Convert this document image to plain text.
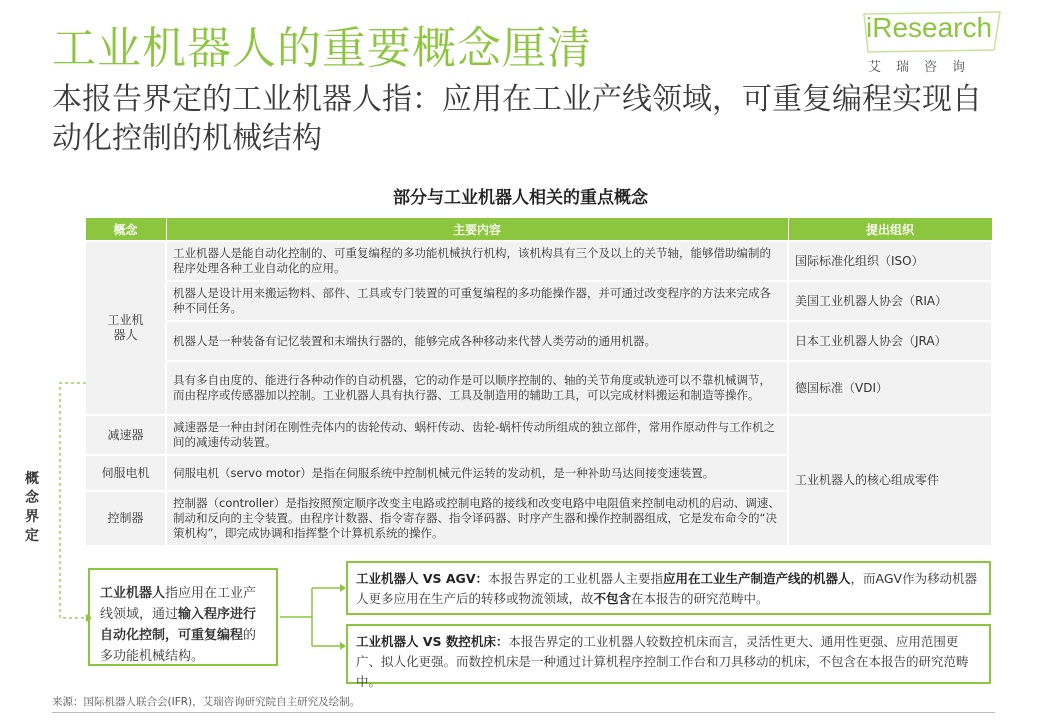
工业机器人的重要概念厘清
本报告界定的工业机器人指：应用在工业产线领域，可重复编程实现自动化控制的机械结构
iResearch
艾瑞咨询
部分与工业机器人相关的重点概念
概念	主要内容	提出组织
工业机器人	工业机器人是能自动化控制的、可重复编程的多功能机械执行机构，该机构具有三个及以上的关节轴，能够借助编制的程序处理各种工业自动化的应用。	国际标准化组织（ISO）
	机器人是设计用来搬运物料、部件、工具或专门装置的可重复编程的多功能操作器，并可通过改变程序的方法来完成各种不同任务。	美国工业机器人协会（RIA）
	机器人是一种装备有记忆装置和末端执行器的，能够完成各种移动来代替人类劳动的通用机器。	日本工业机器人协会（JRA）
	具有多自由度的、能进行各种动作的自动机器，它的动作是可以顺序控制的、轴的关节角度或轨迹可以不靠机械调节，而由程序或传感器加以控制。工业机器人具有执行器、工具及制造用的辅助工具，可以完成材料搬运和制造等操作。	德国标准（VDI）
减速器	减速器是一种由封闭在刚性壳体内的齿轮传动、蜗杆传动、齿轮-蜗杆传动所组成的独立部件，常用作原动件与工作机之间的减速传动装置。	工业机器人的核心组成零件
伺服电机	伺服电机（servo motor）是指在伺服系统中控制机械元件运转的发动机，是一种补助马达间接变速装置。	
控制器	控制器（controller）是指按照预定顺序改变主电路或控制电路的接线和改变电路中电阻值来控制电动机的启动、调速、制动和反向的主令装置。由程序计数器、指令寄存器、指令译码器、时序产生器和操作控制器组成，它是发布命令的“决策机构”，即完成协调和指挥整个计算机系统的操作。	
概念界定
工业机器人指应用在工业产线领域，通过输入程序进行自动化控制，可重复编程的多功能机械结构。
工业机器人 VS AGV：本报告界定的工业机器人主要指应用在工业生产制造产线的机器人，而AGV作为移动机器人更多应用在生产后的转移或物流领域，故不包含在本报告的研究范畴中。
工业机器人 VS 数控机床：本报告界定的工业机器人较数控机床而言，灵活性更大、通用性更强、应用范围更广、拟人化更强。而数控机床是一种通过计算机程序控制工作台和刀具移动的机床，不包含在本报告的研究范畴中。
来源：国际机器人联合会(IFR)，艾瑞咨询研究院自主研究及绘制。
